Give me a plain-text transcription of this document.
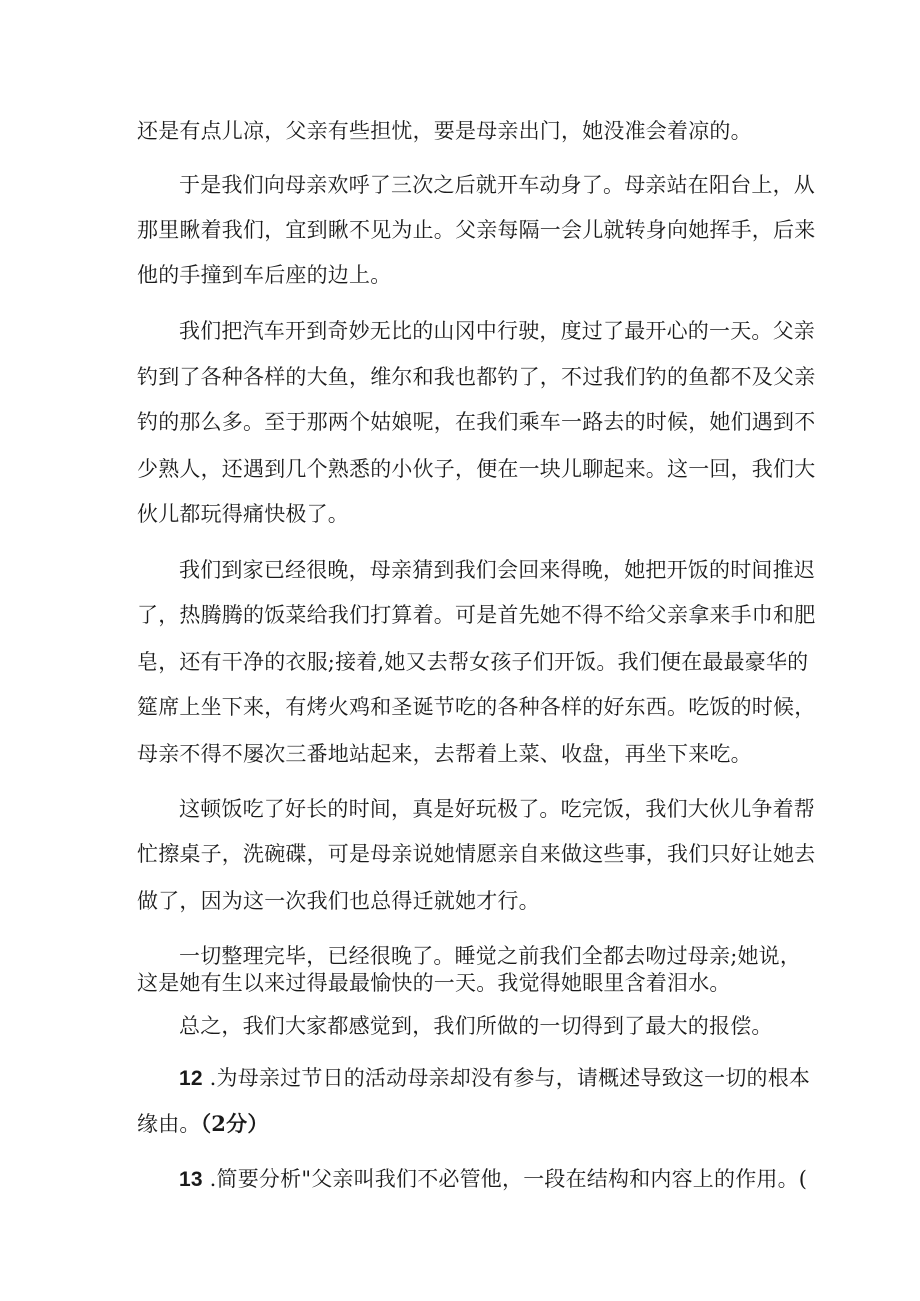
还是有点儿凉，父亲有些担忧，要是母亲出门，她没准会着凉的。
于是我们向母亲欢呼了三次之后就开车动身了。母亲站在阳台上，从
那里瞅着我们，宜到瞅不见为止。父亲每隔一会儿就转身向她挥手，后来
他的手撞到车后座的边上。
我们把汽车开到奇妙无比的山冈中行驶，度过了最开心的一天。父亲
钓到了各种各样的大鱼，维尔和我也都钓了，不过我们钓的鱼都不及父亲
钓的那么多。至于那两个姑娘呢，在我们乘车一路去的时候，她们遇到不
少熟人，还遇到几个熟悉的小伙子，便在一块儿聊起来。这一回，我们大
伙儿都玩得痛快极了。
我们到家已经很晚，母亲猜到我们会回来得晚，她把开饭的时间推迟
了，热腾腾的饭菜给我们打算着。可是首先她不得不给父亲拿来手巾和肥
皂，还有干净的衣服;接着,她又去帮女孩子们开饭。我们便在最最豪华的
筵席上坐下来，有烤火鸡和圣诞节吃的各种各样的好东西。吃饭的时候，
母亲不得不屡次三番地站起来，去帮着上菜、收盘，再坐下来吃。
这顿饭吃了好长的时间，真是好玩极了。吃完饭，我们大伙儿争着帮
忙擦桌子，洗碗碟，可是母亲说她情愿亲自来做这些事，我们只好让她去
做了，因为这一次我们也总得迁就她才行。
一切整理完毕，已经很晚了。睡觉之前我们全都去吻过母亲;她说，
这是她有生以来过得最最愉快的一天。我觉得她眼里含着泪水。
总之，我们大家都感觉到，我们所做的一切得到了最大的报偿。
12 .为母亲过节日的活动母亲却没有参与，请概述导致这一切的根本
缘由。（2分）
13 .简要分析"父亲叫我们不必管他，一段在结构和内容上的作用。(
